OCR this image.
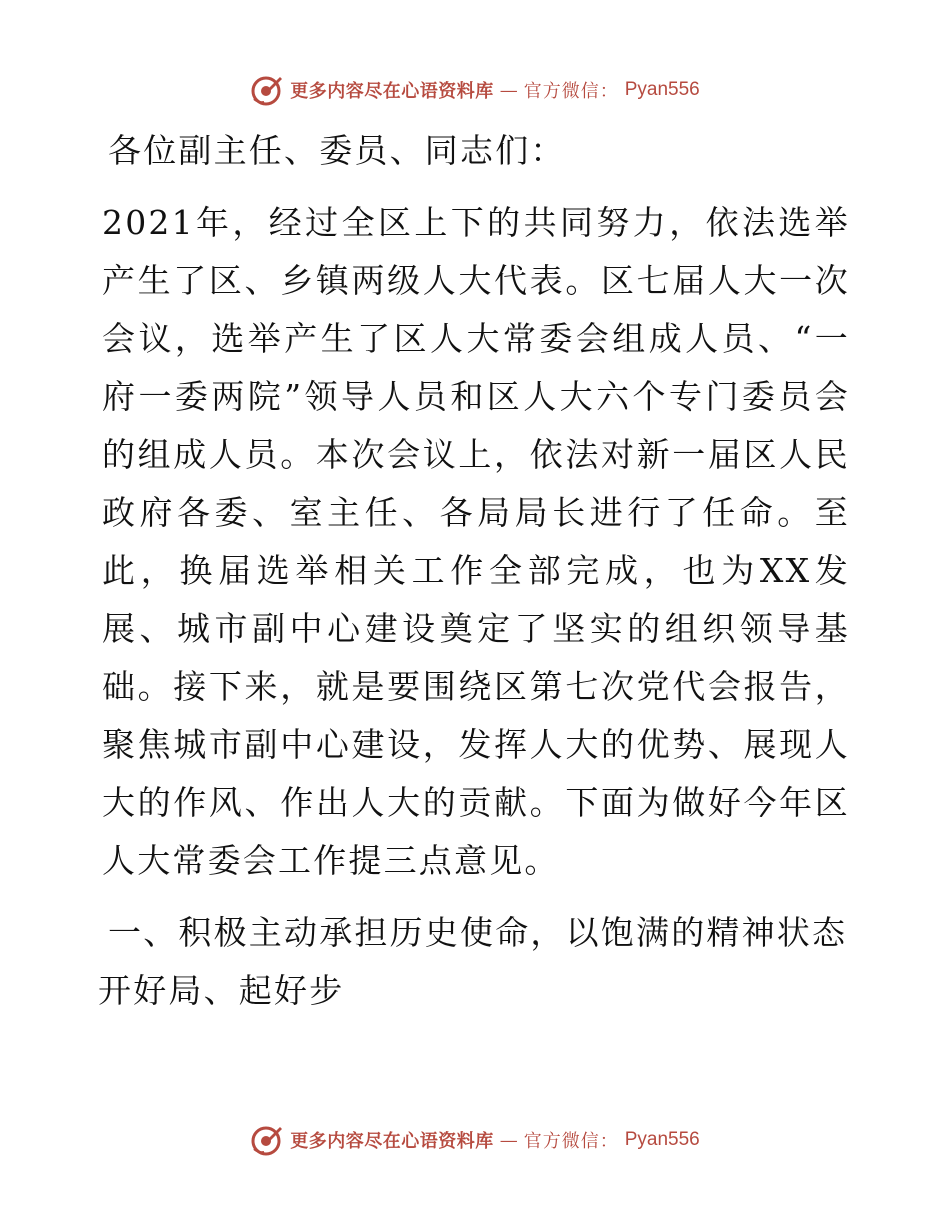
更多内容尽在心语资料库 — 官方微信： Pyan556

各位副主任、委员、同志们：

2021年，经过全区上下的共同努力，依法选举产生了区、乡镇两级人大代表。区七届人大一次会议，选举产生了区人大常委会组成人员、“一府一委两院”领导人员和区人大六个专门委员会的组成人员。本次会议上，依法对新一届区人民政府各委、室主任、各局局长进行了任命。至此，换届选举相关工作全部完成，也为XX发展、城市副中心建设奠定了坚实的组织领导基础。接下来，就是要围绕区第七次党代会报告，聚焦城市副中心建设，发挥人大的优势、展现人大的作风、作出人大的贡献。下面为做好今年区人大常委会工作提三点意见。

一、积极主动承担历史使命，以饱满的精神状态

开好局、起好步

更多内容尽在心语资料库 — 官方微信： Pyan556
